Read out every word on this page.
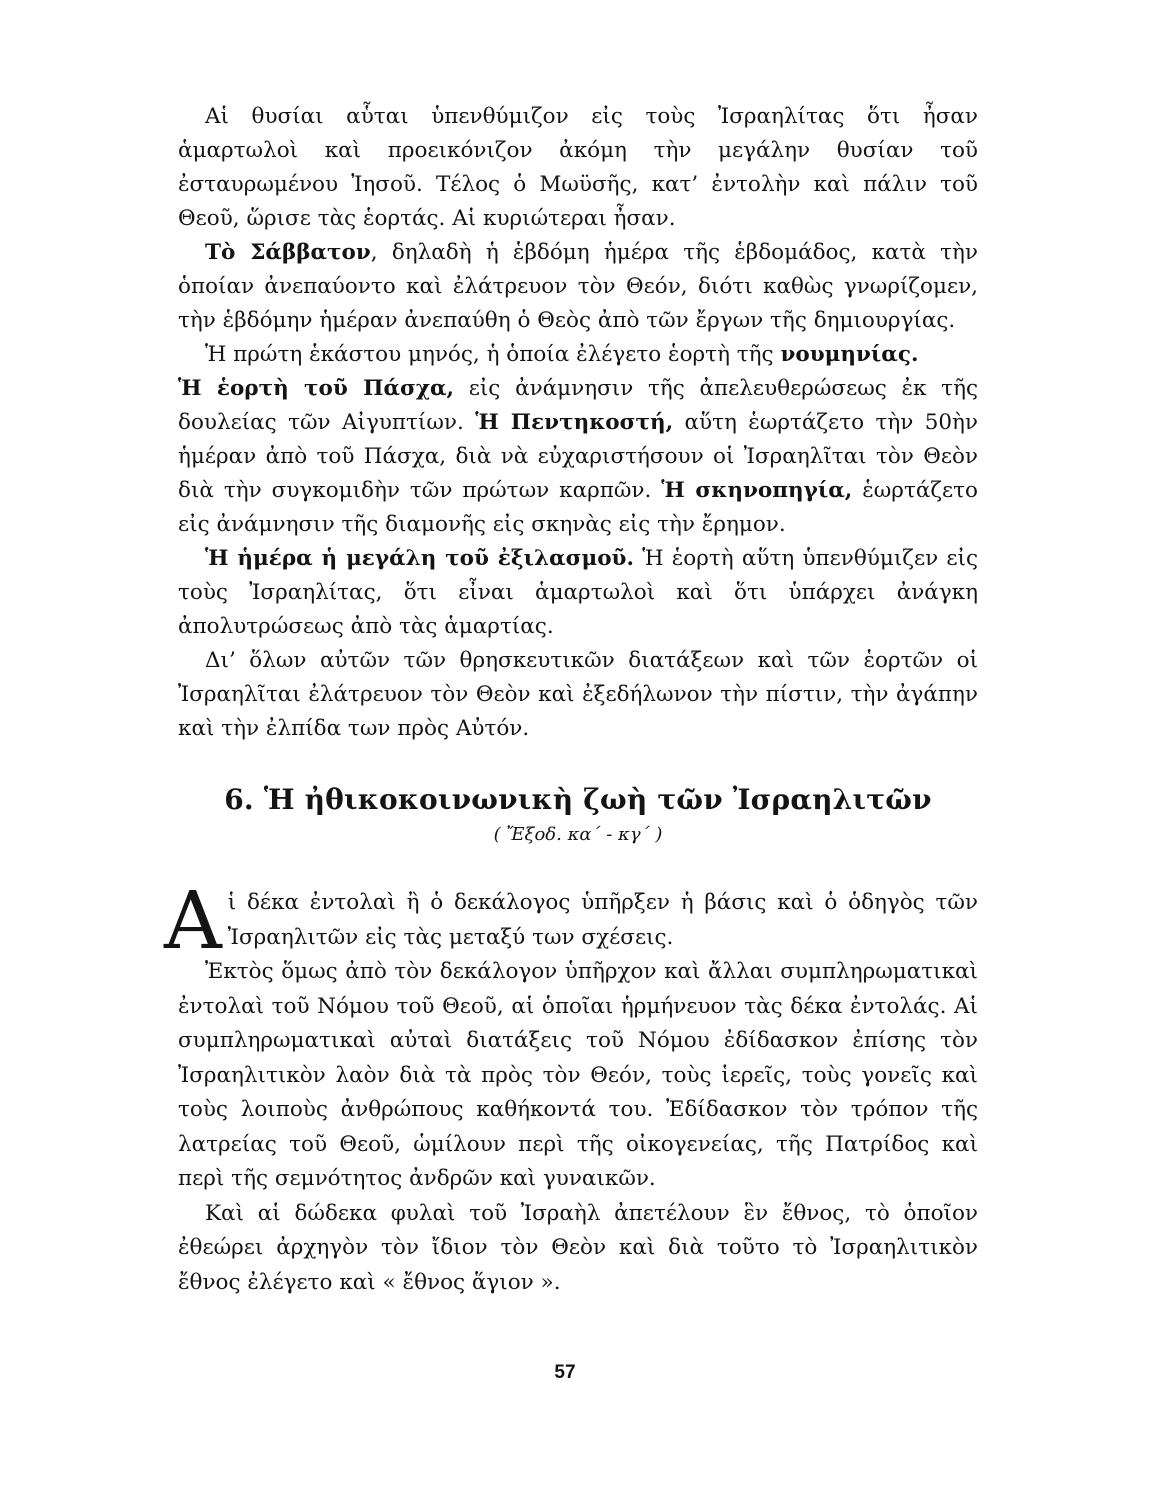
Αἱ θυσίαι αὗται ὑπενθύμιζον εἰς τοὺς Ἰσραηλίτας ὅτι ἦσαν ἁμαρτωλοὶ καὶ προεικόνιζον ἀκόμη τὴν μεγάλην θυσίαν τοῦ ἐσταυρωμένου Ἰησοῦ. Τέλος ὁ Μωϋσῆς, κατ’ ἐντολὴν καὶ πάλιν τοῦ Θεοῦ, ὥρισε τὰς ἑορτάς. Αἱ κυριώτεραι ἦσαν.

Τὸ Σάββατον, δηλαδὴ ἡ ἑβδόμη ἡμέρα τῆς ἑβδομάδος, κατὰ τὴν ὁποίαν ἀνεπαύοντο καὶ ἐλάτρευον τὸν Θεόν, διότι καθὼς γνωρίζομεν, τὴν ἑβδόμην ἡμέραν ἀνεπαύθη ὁ Θεὸς ἀπὸ τῶν ἔργων τῆς δημιουργίας.

Ἡ πρώτη ἑκάστου μηνός, ἡ ὁποία ἐλέγετο ἑορτὴ τῆς νουμηνίας.

Ἡ ἑορτὴ τοῦ Πάσχα, εἰς ἀνάμνησιν τῆς ἀπελευθερώσεως ἐκ τῆς δουλείας τῶν Αἰγυπτίων. Ἡ Πεντηκοστή, αὕτη ἑωρτάζετο τὴν 50ὴν ἡμέραν ἀπὸ τοῦ Πάσχα, διὰ νὰ εὐχαριστήσουν οἱ Ἰσραηλῖται τὸν Θεὸν διὰ τὴν συγκομιδὴν τῶν πρώτων καρπῶν. Ἡ σκηνοπηγία, ἑωρτάζετο εἰς ἀνάμνησιν τῆς διαμονῆς εἰς σκηνὰς εἰς τὴν ἔρημον.

Ἡ ἡμέρα ἡ μεγάλη τοῦ ἐξιλασμοῦ. Ἡ ἑορτὴ αὕτη ὑπενθύμιζεν εἰς τοὺς Ἰσραηλίτας, ὅτι εἶναι ἁμαρτωλοὶ καὶ ὅτι ὑπάρχει ἀνάγκη ἀπολυτρώσεως ἀπὸ τὰς ἁμαρτίας.

Δι’ ὅλων αὐτῶν τῶν θρησκευτικῶν διατάξεων καὶ τῶν ἑορτῶν οἱ Ἰσραηλῖται ἐλάτρευον τὸν Θεὸν καὶ ἐξεδήλωνον τὴν πίστιν, τὴν ἀγάπην καὶ τὴν ἐλπίδα των πρὸς Αὐτόν.

6. Ἡ ἠθικοκοινωνικὴ ζωὴ τῶν Ἰσραηλιτῶν
( Ἔξοδ. κα΄ - κγ΄ )

Αἱ δέκα ἐντολαὶ ἢ ὁ δεκάλογος ὑπῆρξεν ἡ βάσις καὶ ὁ ὁδηγὸς τῶν Ἰσραηλιτῶν εἰς τὰς μεταξύ των σχέσεις.

Ἐκτὸς ὅμως ἀπὸ τὸν δεκάλογον ὑπῆρχον καὶ ἄλλαι συμπληρωματικαὶ ἐντολαὶ τοῦ Νόμου τοῦ Θεοῦ, αἱ ὁποῖαι ἡρμήνευον τὰς δέκα ἐντολάς. Αἱ συμπληρωματικαὶ αὐταὶ διατάξεις τοῦ Νόμου ἐδίδασκον ἐπίσης τὸν Ἰσραηλιτικὸν λαὸν διὰ τὰ πρὸς τὸν Θεόν, τοὺς ἱερεῖς, τοὺς γονεῖς καὶ τοὺς λοιποὺς ἀνθρώπους καθήκοντά του. Ἐδίδασκον τὸν τρόπον τῆς λατρείας τοῦ Θεοῦ, ὡμίλουν περὶ τῆς οἰκογενείας, τῆς Πατρίδος καὶ περὶ τῆς σεμνότητος ἀνδρῶν καὶ γυναικῶν.

Καὶ αἱ δώδεκα φυλαὶ τοῦ Ἰσραὴλ ἀπετέλουν ἓν ἔθνος, τὸ ὁποῖον ἐθεώρει ἀρχηγὸν τὸν ἴδιον τὸν Θεὸν καὶ διὰ τοῦτο τὸ Ἰσραηλιτικὸν ἔθνος ἐλέγετο καὶ « ἔθνος ἅγιον ».

57
